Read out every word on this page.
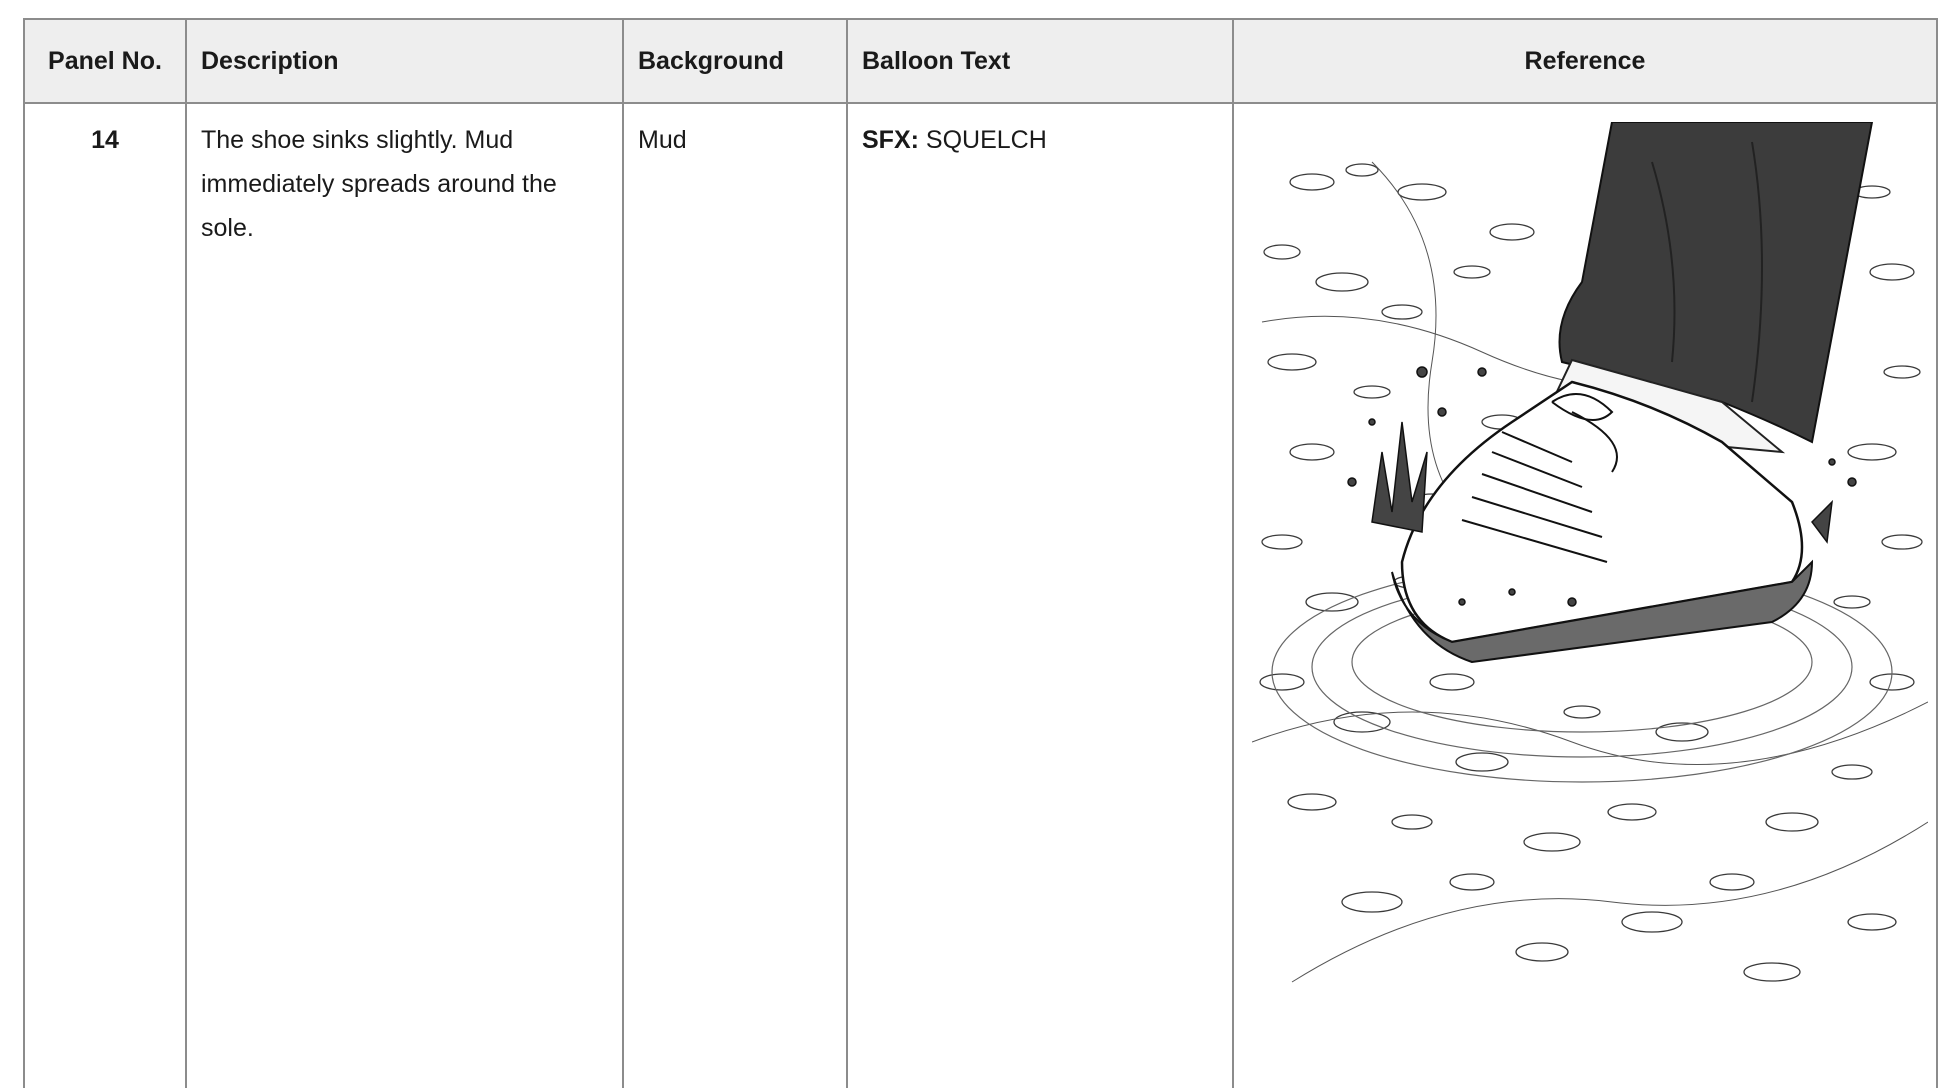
Panel No.	Description	Background	Balloon Text	Reference
14	The shoe sinks slightly. Mud immediately spreads around the sole.	Mud	SFX: SQUELCH	
